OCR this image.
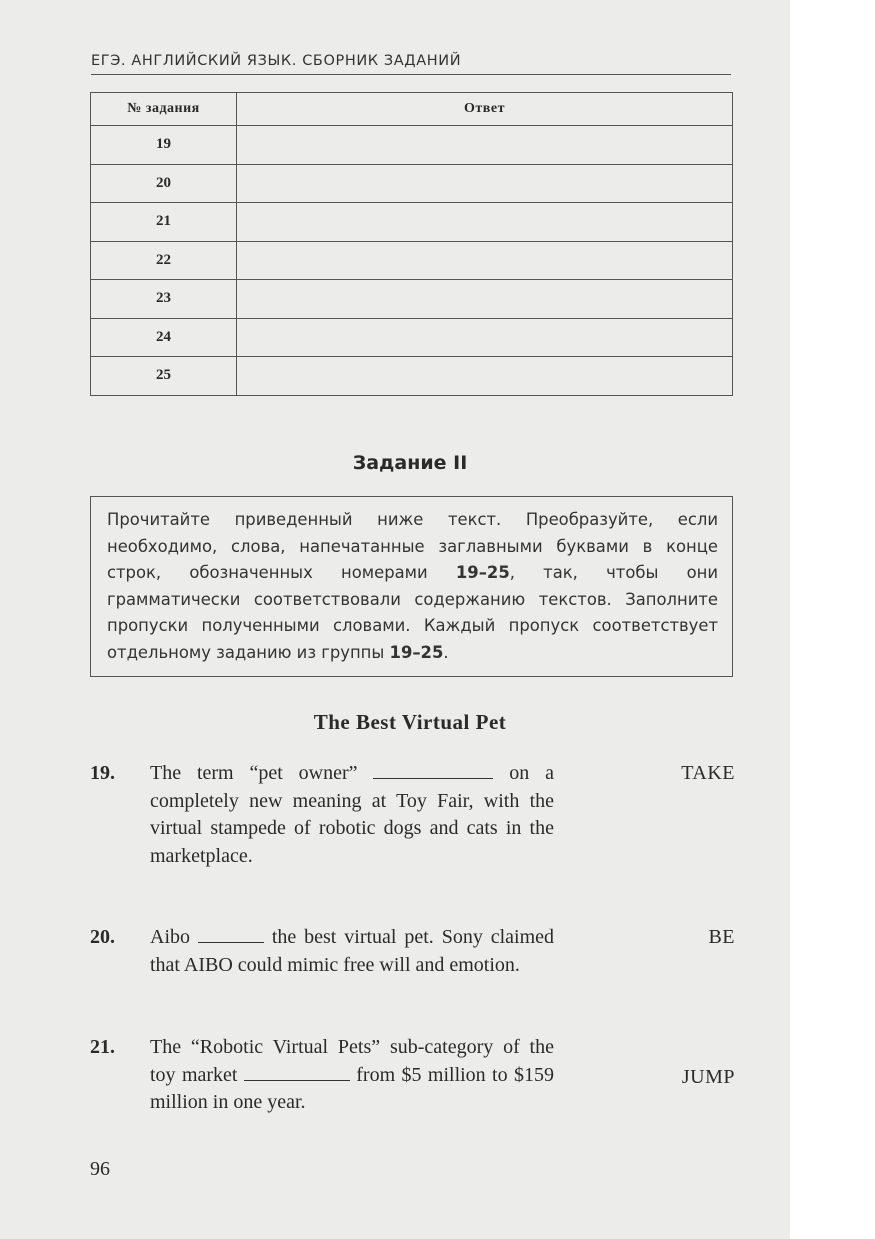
ЕГЭ. АНГЛИЙСКИЙ ЯЗЫК. СБОРНИК ЗАДАНИЙ
№ задания	Ответ
19	
20	
21	
22	
23	
24	
25	
Задание II
Прочитайте приведенный ниже текст. Преобразуйте, если необходимо, слова, напечатанные заглавными буквами в конце строк, обозначенных номерами 19–25, так, чтобы они грамматически соответствовали содержанию текстов. Заполните пропуски полученными словами. Каждый пропуск соответствует отдельному заданию из группы 19–25.
The Best Virtual Pet
19. The term “pet owner”	on a completely new meaning at Toy Fair, with the virtual stampede of robotic dogs and cats in the marketplace.
TAKE
20. Aibo	the best virtual pet. Sony claimed that AIBO could mimic free will and emotion.
BE
21. The “Robotic Virtual Pets” sub-category of the toy market	from $5 million to $159 million in one year.
JUMP
96
